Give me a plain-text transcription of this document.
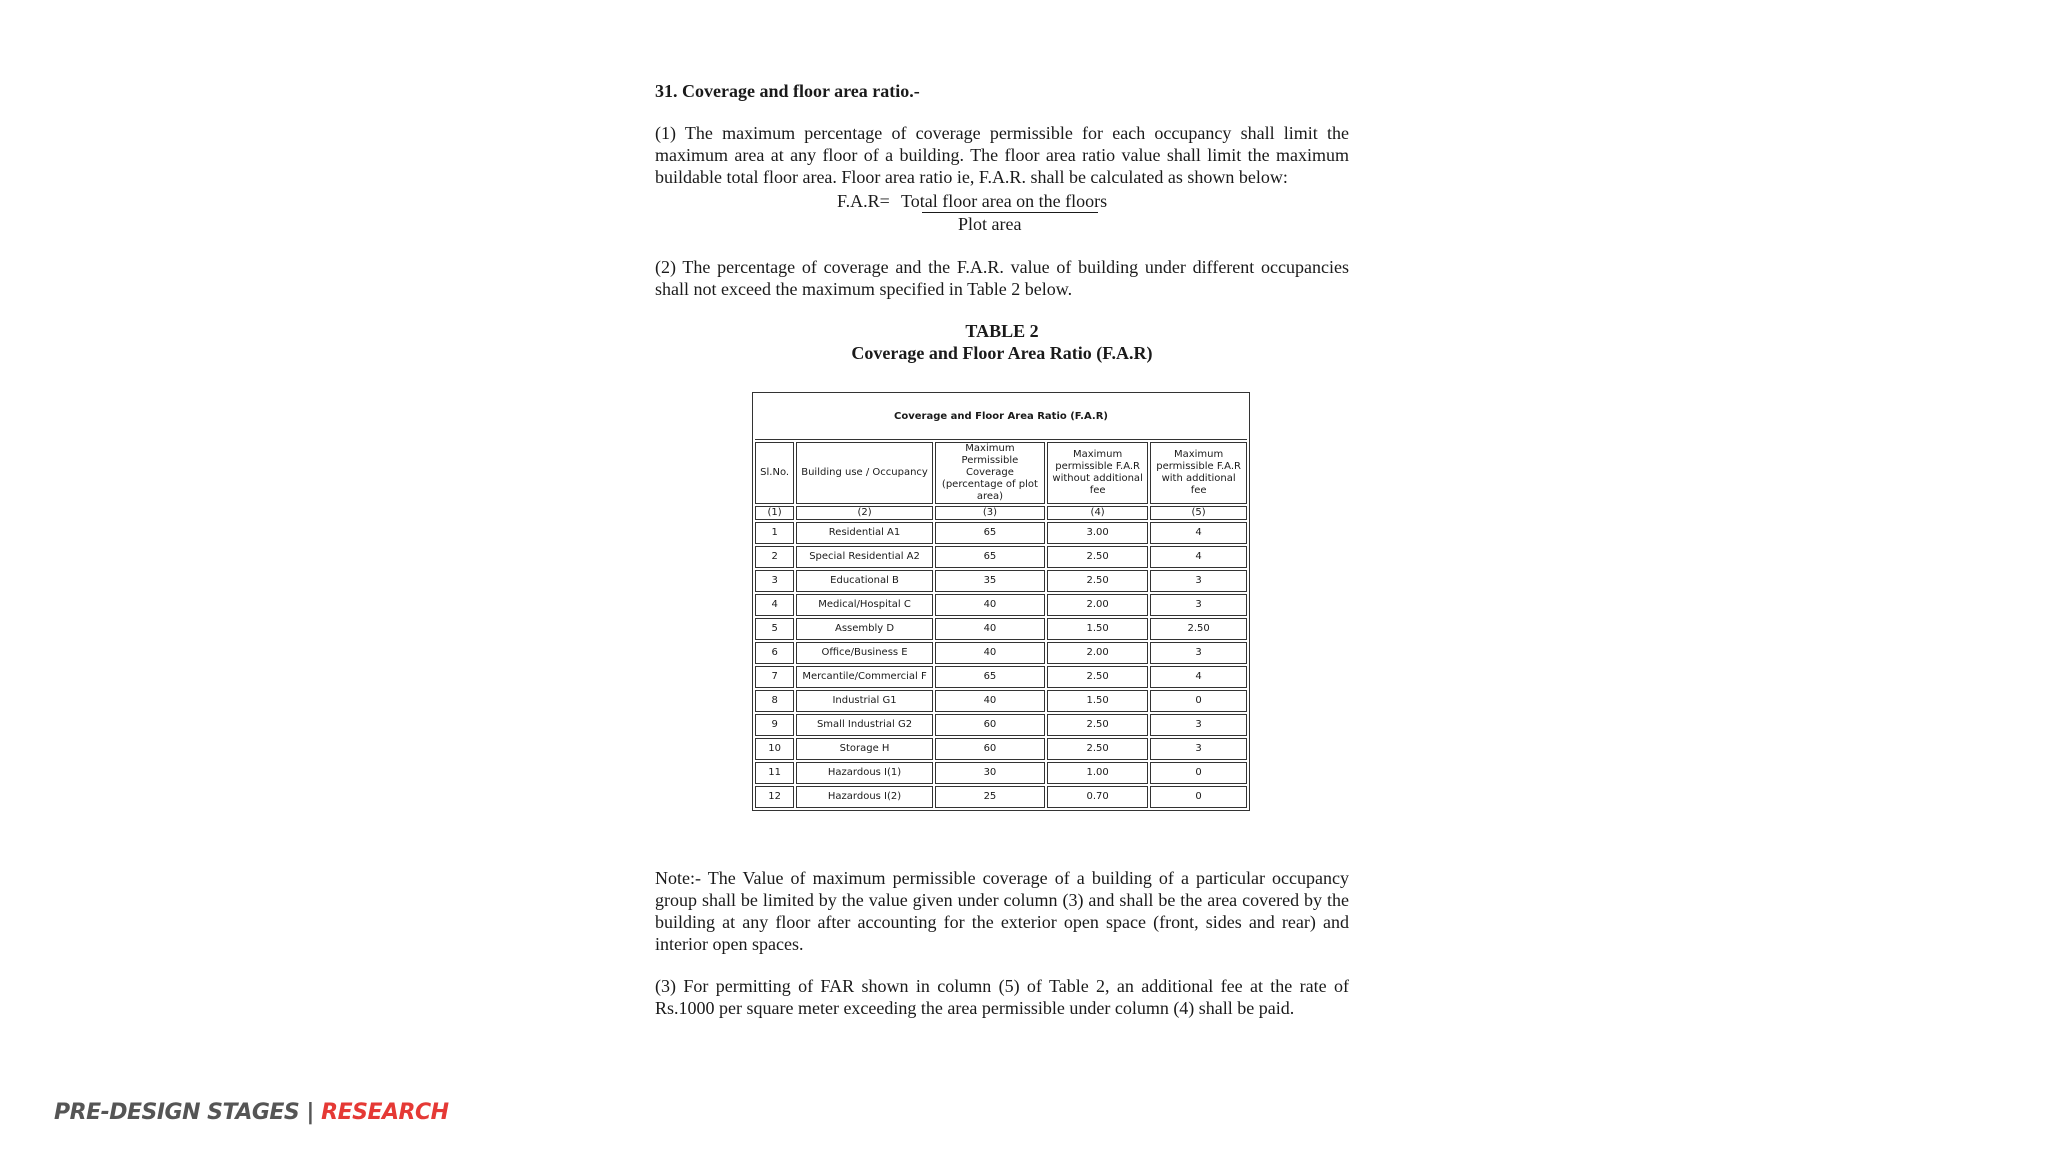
31. Coverage and floor area ratio.-

(1) The maximum percentage of coverage permissible for each occupancy shall limit the maximum area at any floor of a building. The floor area ratio value shall limit the maximum buildable total floor area. Floor area ratio ie, F.A.R. shall be calculated as shown below:

F.A.R= Total floor area on the floors
Plot area

(2) The percentage of coverage and the F.A.R. value of building under different occupancies shall not exceed the maximum specified in Table 2 below.

TABLE 2

Coverage and Floor Area Ratio (F.A.R)

Coverage and Floor Area Ratio (F.A.R)				
Sl.No.	Building use / Occupancy	Maximum Permissible Coverage (percentage of plot area)	Maximum permissible F.A.R without additional fee	Maximum permissible F.A.R with additional fee
(1)	(2)	(3)	(4)	(5)
1	Residential A1	65	3.00	4
2	Special Residential A2	65	2.50	4
3	Educational B	35	2.50	3
4	Medical/Hospital C	40	2.00	3
5	Assembly D	40	1.50	2.50
6	Office/Business E	40	2.00	3
7	Mercantile/Commercial F	65	2.50	4
8	Industrial G1	40	1.50	0
9	Small Industrial G2	60	2.50	3
10	Storage H	60	2.50	3
11	Hazardous I(1)	30	1.00	0
12	Hazardous I(2)	25	0.70	0

Note:- The Value of maximum permissible coverage of a building of a particular occupancy group shall be limited by the value given under column (3) and shall be the area covered by the building at any floor after accounting for the exterior open space (front, sides and rear) and interior open spaces.

(3) For permitting of FAR shown in column (5) of Table 2, an additional fee at the rate of Rs.1000 per square meter exceeding the area permissible under column (4) shall be paid.

PRE-DESIGN STAGES | RESEARCH
